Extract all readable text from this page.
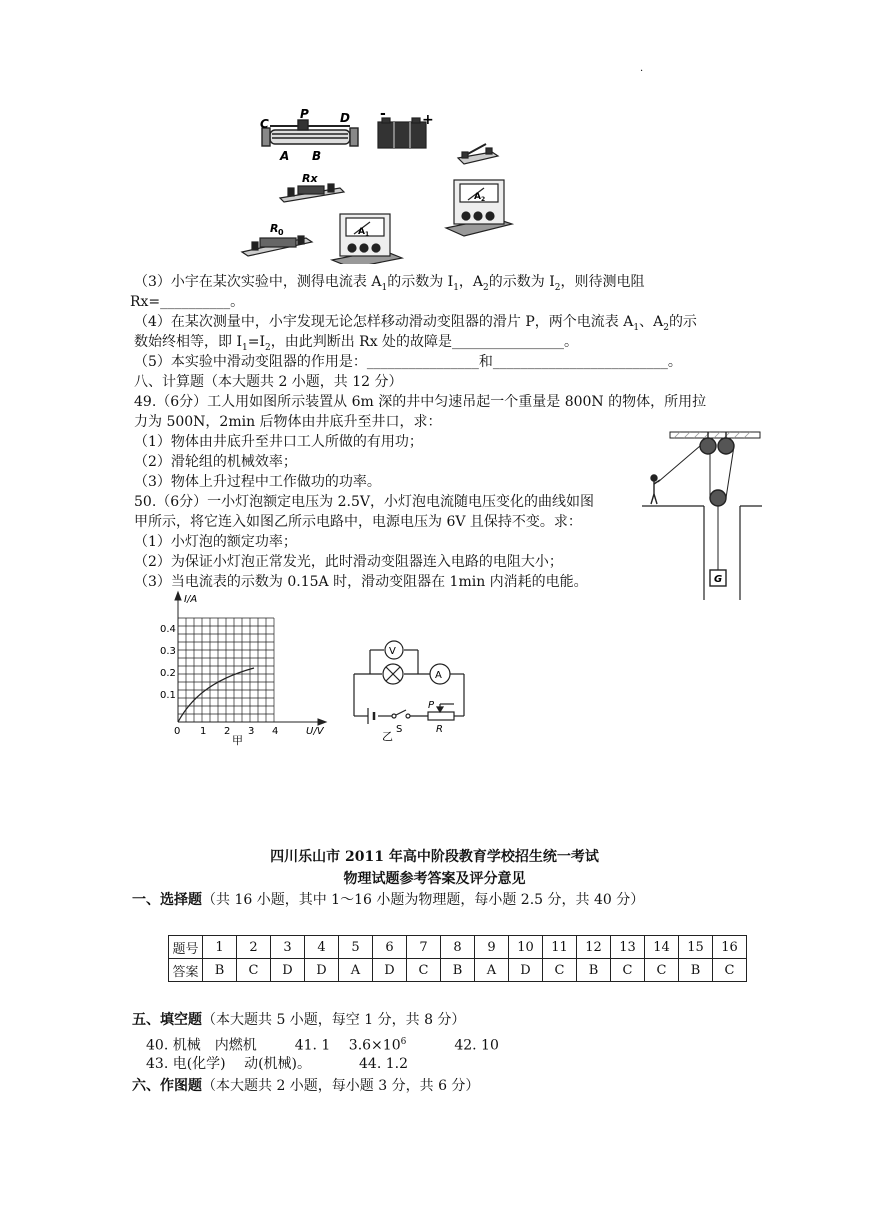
·
C
P	D
A B
-	+
Rx
R 0	A 1
A 2
（3）小宇在某次实验中，测得电流表 $A_1$的示数为 $I_1$，$A_2$的示数为 $I_2$，则待测电阻
Rx=__________。
（4）在某次测量中，小宇发现无论怎样移动滑动变阻器的滑片 P，两个电流表 $A_1$、$A_2$的示
数始终相等，即 $I_1=I_2$，由此判断出 Rx 处的故障是________________。
（5）本实验中滑动变阻器的作用是：________________和_________________________。
八、计算题（本大题共 2 小题，共 12 分）
49.（6分）工人用如图所示装置从 6m 深的井中匀速吊起一个重量是 800N 的物体，所用拉
力为 500N，2min 后物体由井底升至井口，求：
（1）物体由井底升至井口工人所做的有用功；
（2）滑轮组的机械效率；
（3）物体上升过程中工作做功的功率。
50.（6分）一小灯泡额定电压为 2.5V，小灯泡电流随电压变化的曲线如图
甲所示，将它连入如图乙所示电路中，电源电压为 6V 且保持不变。求：
（1）小灯泡的额定功率；
（2）为保证小灯泡正常发光，此时滑动变阻器连入电路的电阻大小；
（3）当电流表的示数为 0.15A 时，滑动变阻器在 1min 内消耗的电能。	G
I/A
U/V
0.4
0.3
0.2
0.1
0 1 2 3 4
甲
V
A
S
P
R
乙
四川乐山市 2011 年高中阶段教育学校招生统一考试
物理试题参考答案及评分意见
一、选择题（共 16 小题，其中 1～16 小题为物理题，每小题 2.5 分，共 40 分）
题号	1	2	3	4	5	6	7	8	9	10	11	12	13	14	15	16
答案	B	C	D	D	A	D	C	B	A	D	C	B	C	C	B	C
五、填空题（本大题共 5 小题，每空 1 分，共 8 分）
40. 机械　内燃机	41. 1　 $3.6\times 10^6$	42. 10
43. 电(化学)　 动(机械)。	44. 1.2
六、作图题（本大题共 2 小题，每小题 3 分，共 6 分）
